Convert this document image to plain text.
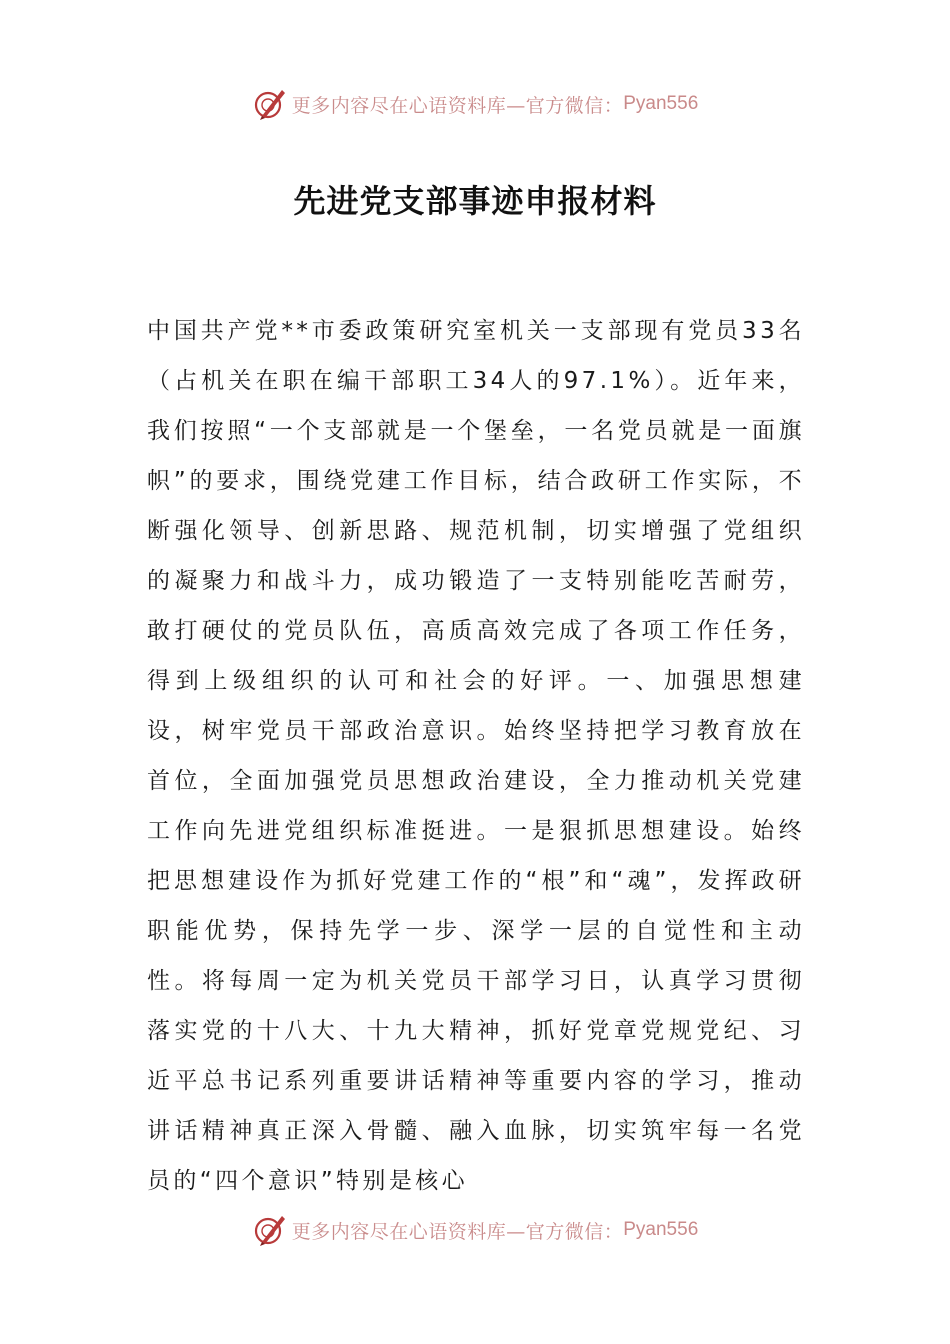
更多内容尽在心语资料库—官方微信： Pyan556
先进党支部事迹申报材料

中国共产党**市委政策研究室机关一支部现有党员33名（占机关在职在编干部职工34人的97.1%）。近年来，我们按照“一个支部就是一个堡垒，一名党员就是一面旗帜”的要求，围绕党建工作目标，结合政研工作实际，不断强化领导、创新思路、规范机制，切实增强了党组织的凝聚力和战斗力，成功锻造了一支特别能吃苦耐劳，敢打硬仗的党员队伍，高质高效完成了各项工作任务，得到上级组织的认可和社会的好评。一、加强思想建设，树牢党员干部政治意识。始终坚持把学习教育放在首位，全面加强党员思想政治建设，全力推动机关党建工作向先进党组织标准挺进。一是狠抓思想建设。始终把思想建设作为抓好党建工作的“根”和“魂”，发挥政研职能优势，保持先学一步、深学一层的自觉性和主动性。将每周一定为机关党员干部学习日，认真学习贯彻落实党的十八大、十九大精神，抓好党章党规党纪、习近平总书记系列重要讲话精神等重要内容的学习，推动讲话精神真正深入骨髓、融入血脉，切实筑牢每一名党员的“四个意识”特别是核心

更多内容尽在心语资料库—官方微信： Pyan556
